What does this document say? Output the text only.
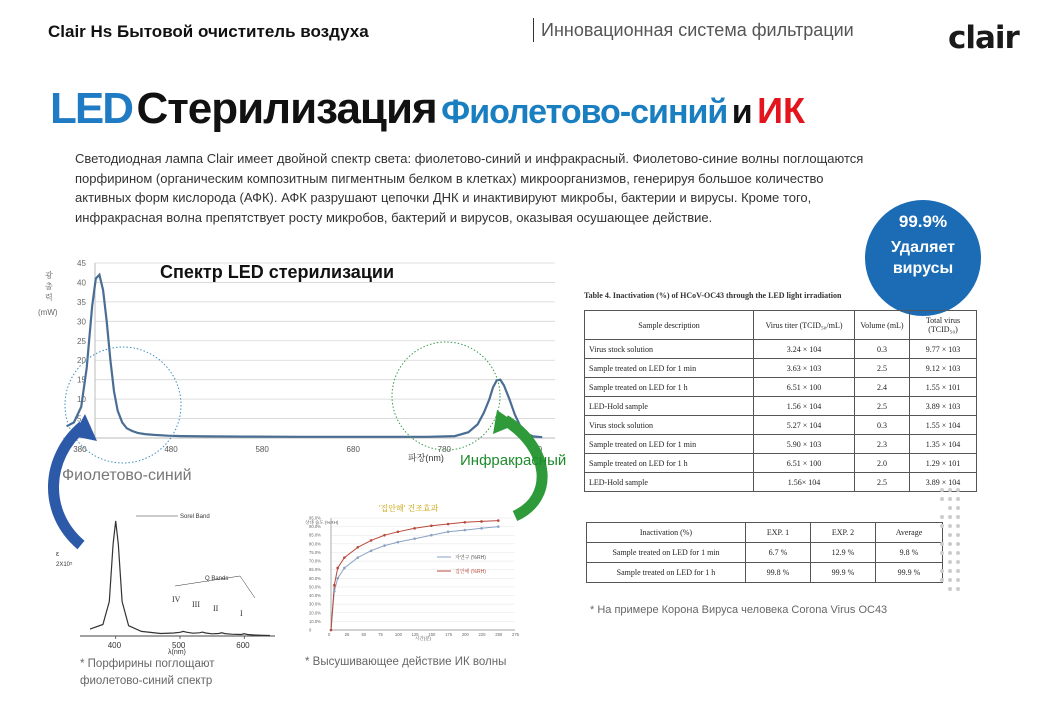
Clair Hs Бытовой очиститель воздуха	Инновационная система фильтрации	clair
LED Стерилизация Фиолетово-синий и ИК
Светодиодная лампа Clair имеет двойной спектр света: фиолетово-синий и инфракрасный. Фиолетово-синие волны поглощаются порфирином (органическим композитным пигментным белком в клетках) микроорганизмов, генерируя большое количество активных форм кислорода (АФК). АФК разрушают цепочки ДНК и инактивируют микробы, бактерии и вирусы. Кроме того, инфракрасная волна препятствует росту микробов, бактерий и вирусов, оказывая осушающее действие.	99.9%
Удаляет
вирусы
5
10
15
20
25
30
35
40
45
380	480	580	680	780	880
광
출
력
(mW)
파장(nm)
Спектр LED стерилизации
Фиолетово-синий
Инфракрасный
Table 4. Inactivation (%) of HCoV-OC43 through the LED light irradiation
Sample description	Virus titer (TCID₅₀/mL)	Volume (mL)	Total virus (TCID₅₀)
Virus stock solution	3.24 × 104	0.3	9.77 × 103
Sample treated on LED for 1 min	3.63 × 103	2.5	9.12 × 103
Sample treated on LED for 1 h	6.51 × 100	2.4	1.55 × 101
LED-Hold sample	1.56 × 104	2.5	3.89 × 103
Virus stock solution	5.27 × 104	0.3	1.55 × 104
Sample treated on LED for 1 min	5.90 × 103	2.3	1.35 × 104
Sample treated on LED for 1 h	6.51 × 100	2.0	1.29 × 101
LED-Hold sample	1.56× 104	2.5	3.89 × 104
Inactivation (%)	EXP. 1	EXP. 2	Average
Sample treated on LED for 1 min	6.7 %	12.9 %	9.8 %
Sample treated on LED for 1 h	99.8 %	99.9 %	99.9 %
* На примере Корона Вируса человека Corona Virus OC43
Sorel Band
Q Bands
IV
III II
I
ε
2X10⁵
400	500	600
λ(nm)
'집안해' 건조효과
상대 습도 (%RH)
0
10.0%
20.0%
30.0%
40.0%
50.0%
60.0%
65.0%
70.0%
75.0%
80.0%
85.0%
90.0%
95.0%
0	25	50	75	100 125 150 175 200 225 250 275
시간(분)
자연구 (%RH)
집안해 (%RH)
* Порфирины поглощают
фиолетово-синий спектр
* Высушивающее действие ИК волны
